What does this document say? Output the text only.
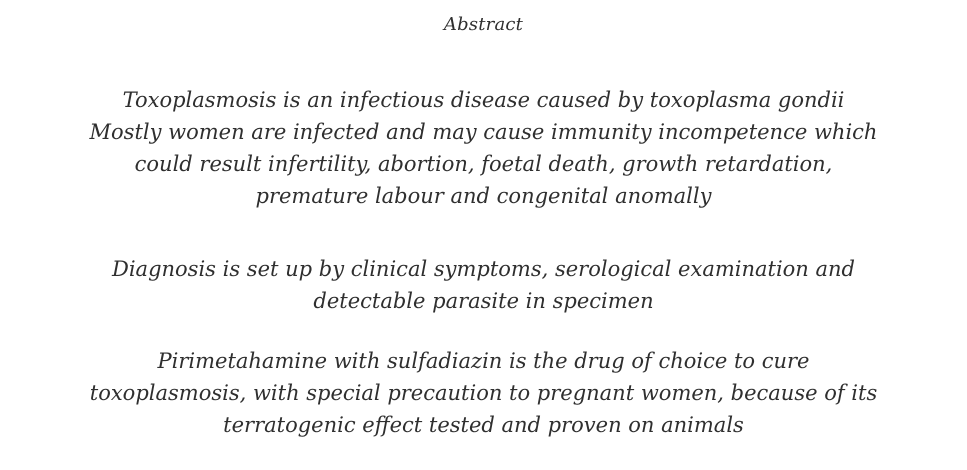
Abstract
Toxoplasmosis is an infectious disease caused by toxoplasma gondii
Mostly women are infected and may cause immunity incompetence which
could result infertility, abortion, foetal death, growth retardation,
premature labour and congenital anomally
Diagnosis is set up by clinical symptoms, serological examination and
detectable parasite in specimen
Pirimetahamine with sulfadiazin is the drug of choice to cure
toxoplasmosis, with special precaution to pregnant women, because of its
terratogenic effect tested and proven on animals
